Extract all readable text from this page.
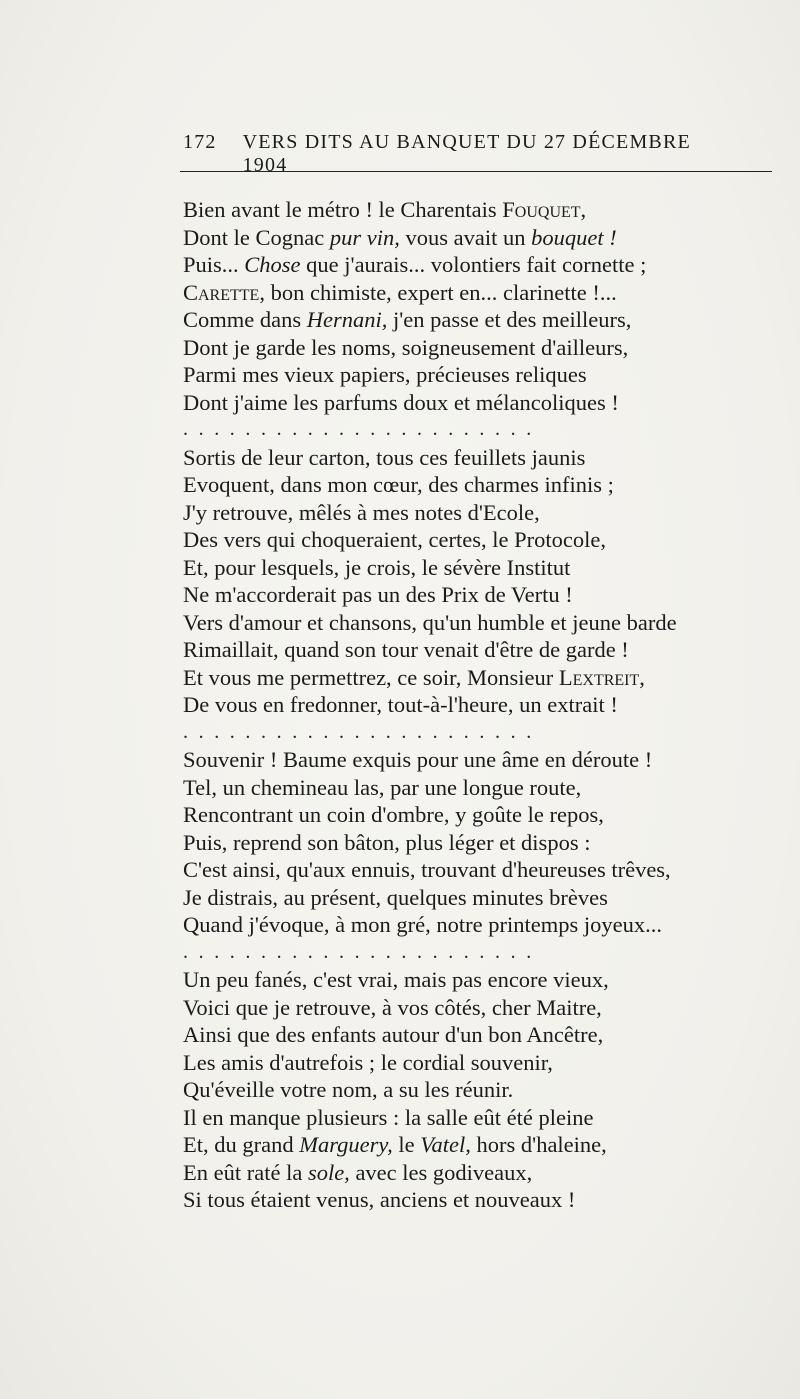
172 VERS DITS AU BANQUET DU 27 DÉCEMBRE 1904
Bien avant le métro ! le Charentais Fouquet,
Dont le Cognac pur vin, vous avait un bouquet !
Puis... Chose que j'aurais... volontiers fait cornette ;
Carette, bon chimiste, expert en... clarinette !...
Comme dans Hernani, j'en passe et des meilleurs,
Dont je garde les noms, soigneusement d'ailleurs,
Parmi mes vieux papiers, précieuses reliques
Dont j'aime les parfums doux et mélancoliques !
.......................
Sortis de leur carton, tous ces feuillets jaunis
Evoquent, dans mon cœur, des charmes infinis ;
J'y retrouve, mêlés à mes notes d'Ecole,
Des vers qui choqueraient, certes, le Protocole,
Et, pour lesquels, je crois, le sévère Institut
Ne m'accorderait pas un des Prix de Vertu !
Vers d'amour et chansons, qu'un humble et jeune barde
Rimaillait, quand son tour venait d'être de garde !
Et vous me permettrez, ce soir, Monsieur Lextreit,
De vous en fredonner, tout-à-l'heure, un extrait !
.......................
Souvenir ! Baume exquis pour une âme en déroute !
Tel, un chemineau las, par une longue route,
Rencontrant un coin d'ombre, y goûte le repos,
Puis, reprend son bâton, plus léger et dispos :
C'est ainsi, qu'aux ennuis, trouvant d'heureuses trêves,
Je distrais, au présent, quelques minutes brèves
Quand j'évoque, à mon gré, notre printemps joyeux...
.......................
Un peu fanés, c'est vrai, mais pas encore vieux,
Voici que je retrouve, à vos côtés, cher Maitre,
Ainsi que des enfants autour d'un bon Ancêtre,
Les amis d'autrefois ; le cordial souvenir,
Qu'éveille votre nom, a su les réunir.
Il en manque plusieurs : la salle eût été pleine
Et, du grand Marguery, le Vatel, hors d'haleine,
En eût raté la sole, avec les godiveaux,
Si tous étaient venus, anciens et nouveaux !
